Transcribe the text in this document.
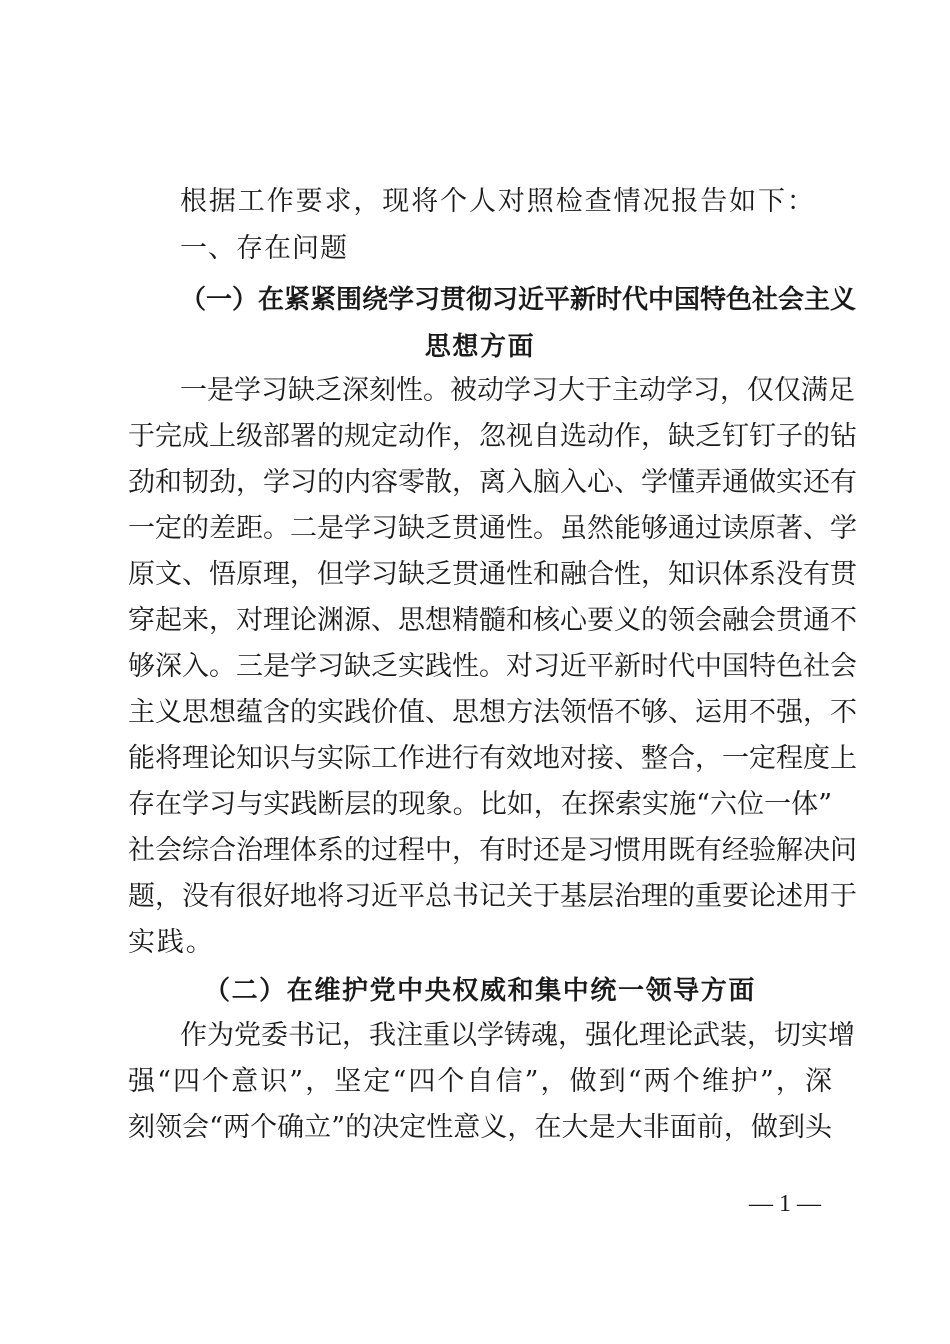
根据工作要求，现将个人对照检查情况报告如下：
一、存在问题
（一）在紧紧围绕学习贯彻习近平新时代中国特色社会主义
思想方面
一是学习缺乏深刻性。被动学习大于主动学习，仅仅满足
于完成上级部署的规定动作，忽视自选动作，缺乏钉钉子的钻
劲和韧劲，学习的内容零散，离入脑入心、学懂弄通做实还有
一定的差距。二是学习缺乏贯通性。虽然能够通过读原著、学
原文、悟原理，但学习缺乏贯通性和融合性，知识体系没有贯
穿起来，对理论渊源、思想精髓和核心要义的领会融会贯通不
够深入。三是学习缺乏实践性。对习近平新时代中国特色社会
主义思想蕴含的实践价值、思想方法领悟不够、运用不强，不
能将理论知识与实际工作进行有效地对接、整合，一定程度上
存在学习与实践断层的现象。比如，在探索实施“六位一体”
社会综合治理体系的过程中，有时还是习惯用既有经验解决问
题，没有很好地将习近平总书记关于基层治理的重要论述用于
实践。
（二）在维护党中央权威和集中统一领导方面
作为党委书记，我注重以学铸魂，强化理论武装，切实增
强“四个意识”，坚定“四个自信”，做到“两个维护”，深
刻领会“两个确立”的决定性意义，在大是大非面前，做到头
— 1 —
